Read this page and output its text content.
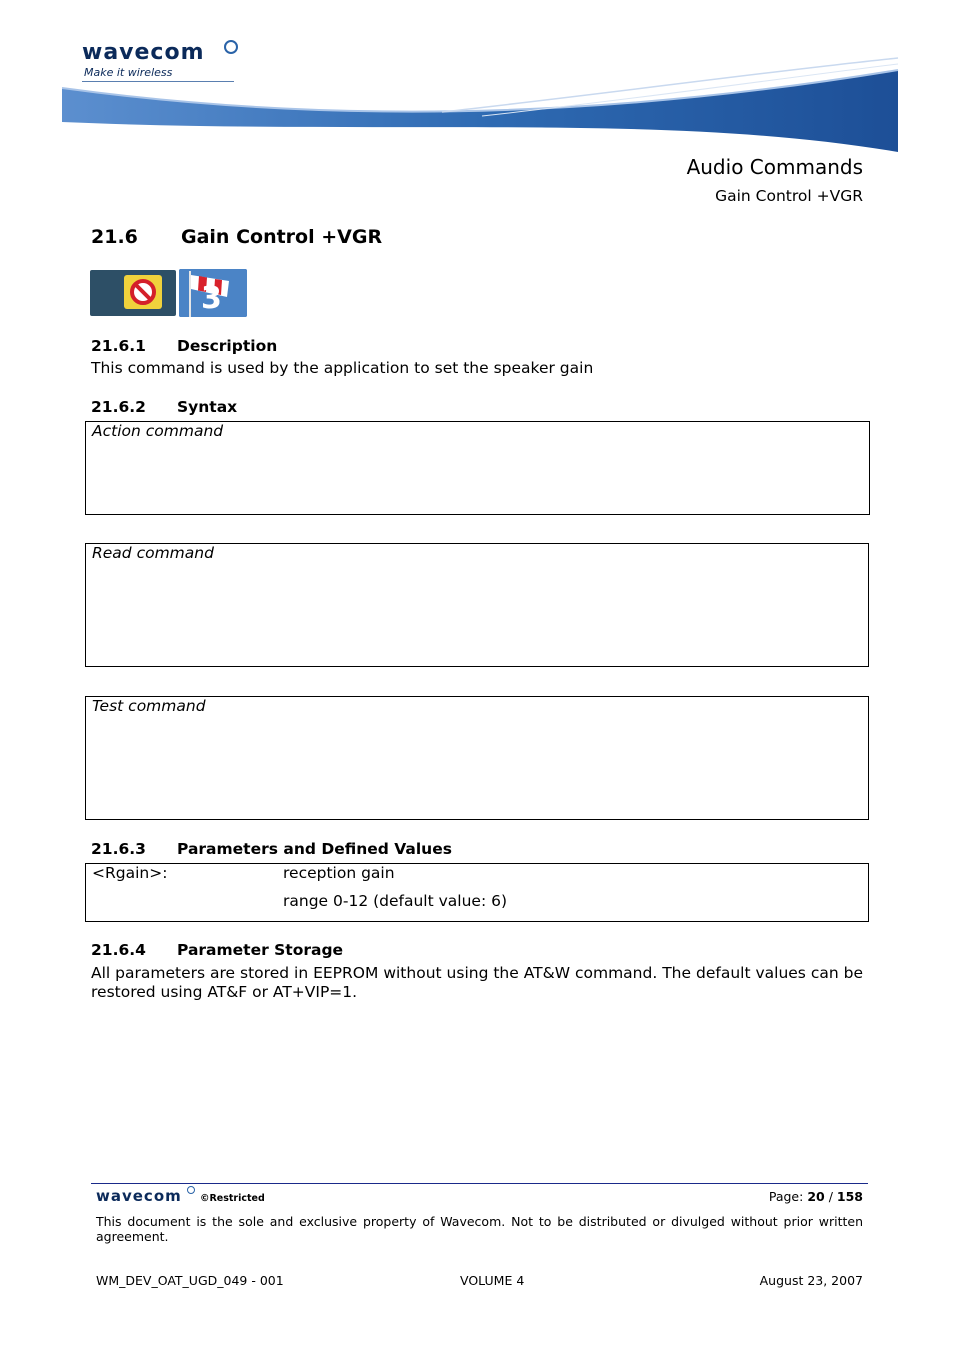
wavecom
Make it wireless
Audio Commands
Gain Control +VGR
21.6 Gain Control +VGR
3
21.6.1 Description
This command is used by the application to set the speaker gain
21.6.2 Syntax
Action command
Read command
Test command
21.6.3 Parameters and Defined Values
<Rgain>:	reception gain
range 0-12 (default value: 6)
21.6.4 Parameter Storage
All parameters are stored in EEPROM without using the AT&W command. The default values can be restored using AT&F or AT+VIP=1.
wavecom ©Restricted	Page: 20 / 158
This document is the sole and exclusive property of Wavecom. Not to be distributed or divulged without prior written agreement.
WM_DEV_OAT_UGD_049 - 001	VOLUME 4	August 23, 2007
